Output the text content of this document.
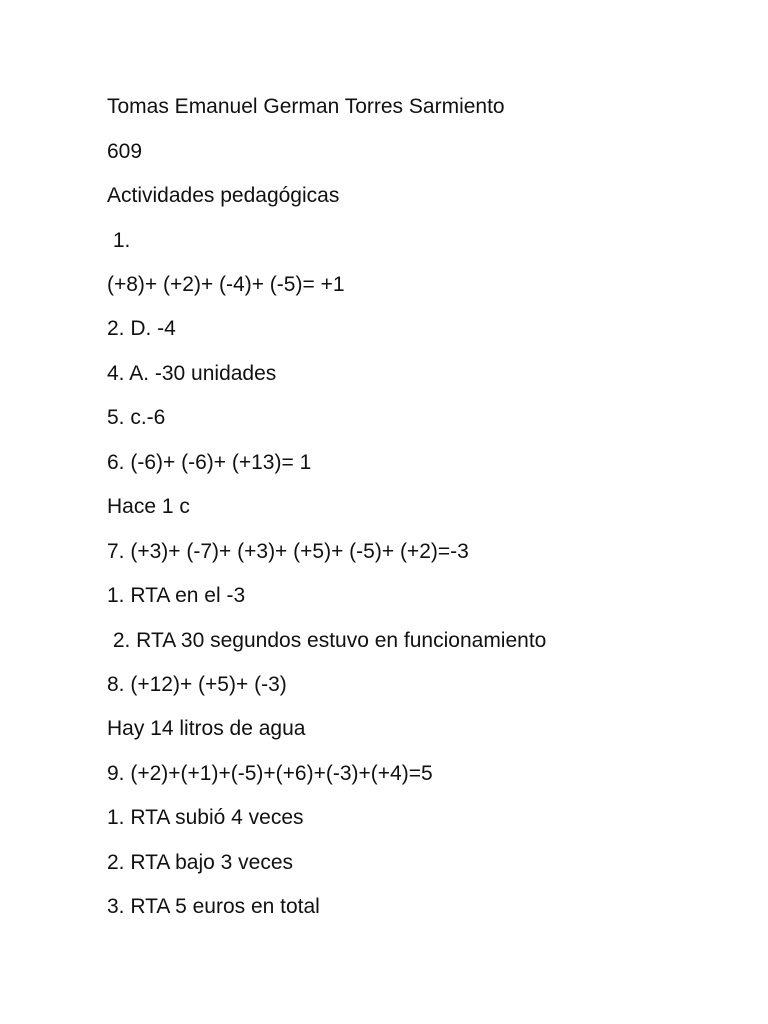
Tomas Emanuel German Torres Sarmiento
609
Actividades pedagógicas
1.
(+8)+ (+2)+ (-4)+ (-5)= +1
2. D. -4
4. A. -30 unidades
5. c.-6
6. (-6)+ (-6)+ (+13)= 1
Hace 1 c
7. (+3)+ (-7)+ (+3)+ (+5)+ (-5)+ (+2)=-3
1. RTA en el -3
2. RTA 30 segundos estuvo en funcionamiento
8. (+12)+ (+5)+ (-3)
Hay 14 litros de agua
9. (+2)+(+1)+(-5)+(+6)+(-3)+(+4)=5
1. RTA subió 4 veces
2. RTA bajo 3 veces
3. RTA 5 euros en total
